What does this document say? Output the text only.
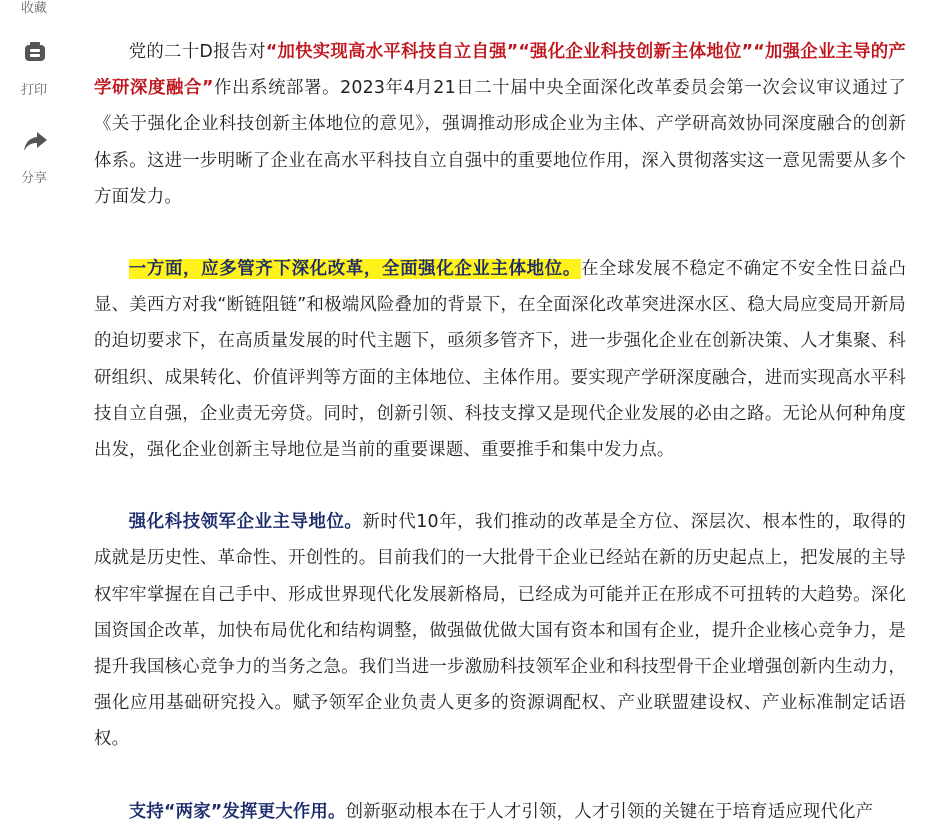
收藏
打印
分享

党的二十D报告对“加快实现高水平科技自立自强”“强化企业科技创新主体地位”“加强企业主导的产学研深度融合”作出系统部署。2023年4月21日二十届中央全面深化改革委员会第一次会议审议通过了《关于强化企业科技创新主体地位的意见》，强调推动形成企业为主体、产学研高效协同深度融合的创新体系。这进一步明晰了企业在高水平科技自立自强中的重要地位作用，深入贯彻落实这一意见需要从多个方面发力。

一方面，应多管齐下深化改革，全面强化企业主体地位。在全球发展不稳定不确定不安全性日益凸显、美西方对我“断链阻链”和极端风险叠加的背景下，在全面深化改革突进深水区、稳大局应变局开新局的迫切要求下，在高质量发展的时代主题下，亟须多管齐下，进一步强化企业在创新决策、人才集聚、科研组织、成果转化、价值评判等方面的主体地位、主体作用。要实现产学研深度融合，进而实现高水平科技自立自强，企业责无旁贷。同时，创新引领、科技支撑又是现代企业发展的必由之路。无论从何种角度出发，强化企业创新主导地位是当前的重要课题、重要推手和集中发力点。

强化科技领军企业主导地位。新时代10年，我们推动的改革是全方位、深层次、根本性的，取得的成就是历史性、革命性、开创性的。目前我们的一大批骨干企业已经站在新的历史起点上，把发展的主导权牢牢掌握在自己手中、形成世界现代化发展新格局，已经成为可能并正在形成不可扭转的大趋势。深化国资国企改革，加快布局优化和结构调整，做强做优做大国有资本和国有企业，提升企业核心竞争力，是提升我国核心竞争力的当务之急。我们当进一步激励科技领军企业和科技型骨干企业增强创新内生动力，强化应用基础研究投入。赋予领军企业负责人更多的资源调配权、产业联盟建设权、产业标准制定话语权。

支持“两家”发挥更大作用。创新驱动根本在于人才引领，人才引领的关键在于培育适应现代化产
